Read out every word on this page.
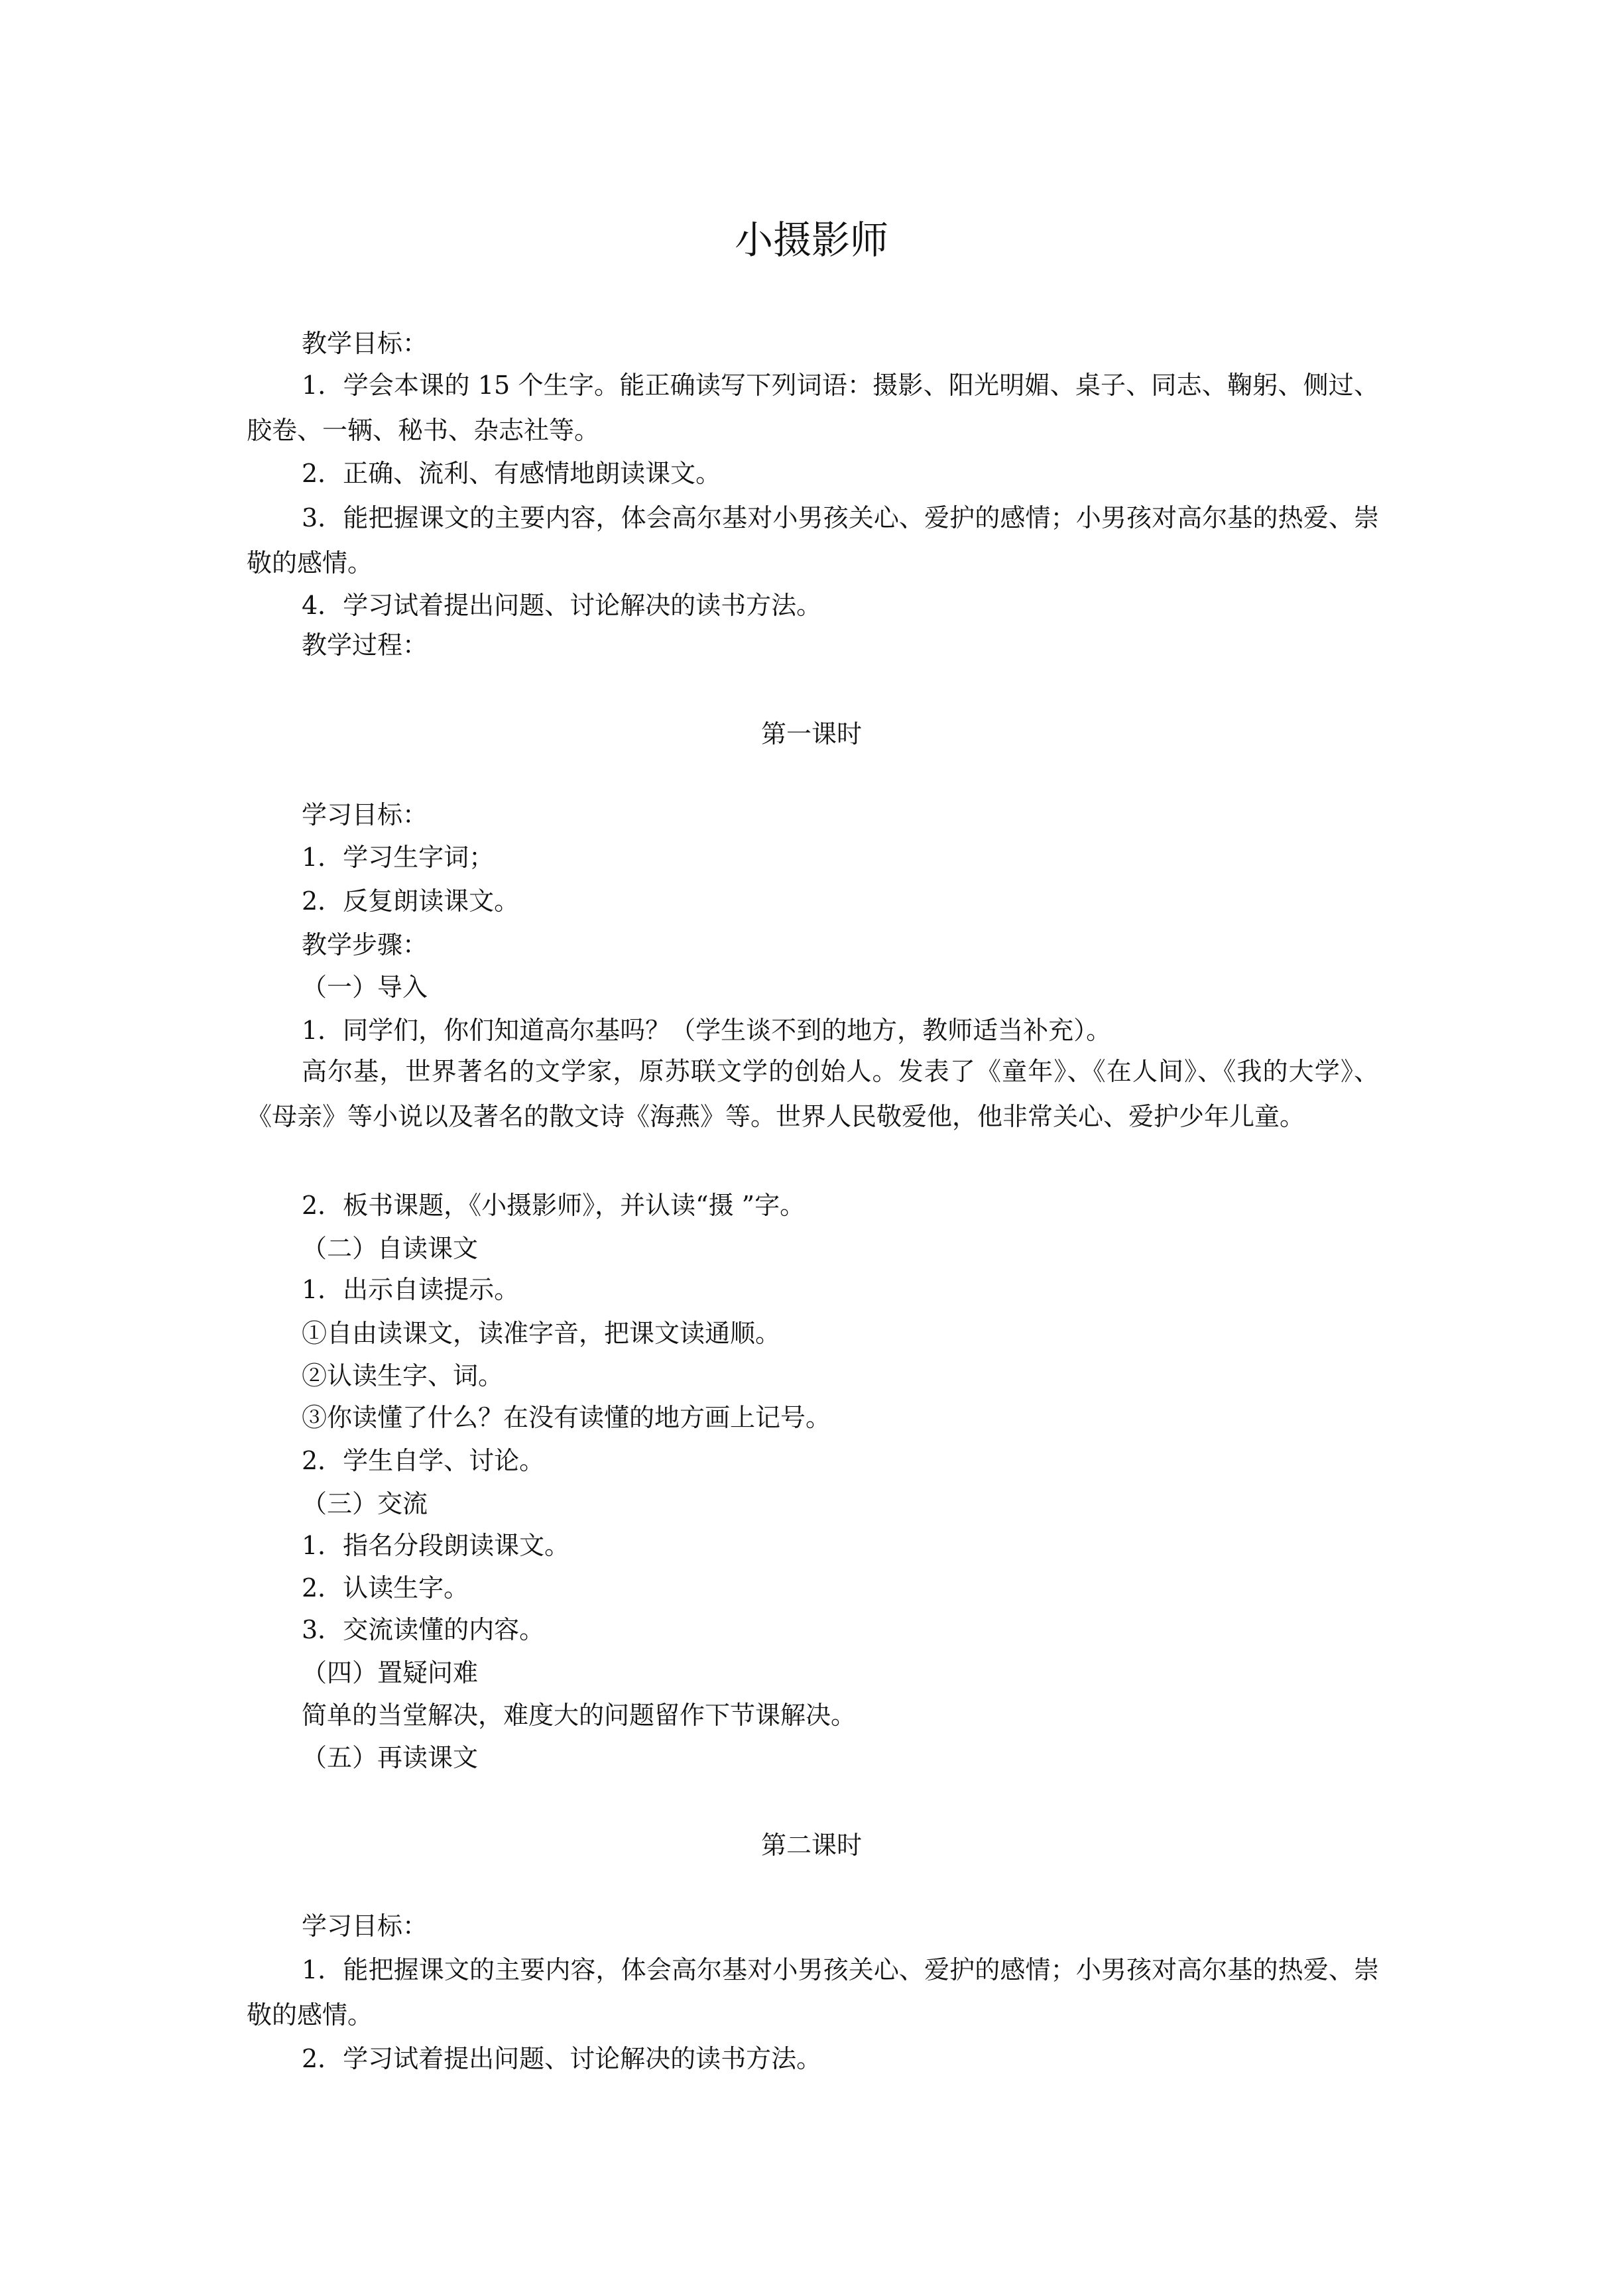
小摄影师
教学目标：
1．学会本课的 15 个生字。能正确读写下列词语：摄影、阳光明媚、桌子、同志、鞠躬、侧过、胶卷、一辆、秘书、杂志社等。
2．正确、流利、有感情地朗读课文。
3．能把握课文的主要内容，体会高尔基对小男孩关心、爱护的感情；小男孩对高尔基的热爱、崇敬的感情。
4．学习试着提出问题、讨论解决的读书方法。
教学过程：
第一课时
学习目标：
1．学习生字词；
2．反复朗读课文。
教学步骤：
（一）导入
1．同学们，你们知道高尔基吗？（学生谈不到的地方，教师适当补充）。
高尔基，世界著名的文学家，原苏联文学的创始人。发表了《童年》、《在人间》、《我的大学》、《母亲》等小说以及著名的散文诗《海燕》等。世界人民敬爱他，他非常关心、爱护少年儿童。
2．板书课题，《小摄影师》，并认读“摄 ”字。
（二）自读课文
1．出示自读提示。
①自由读课文，读准字音，把课文读通顺。
②认读生字、词。
③你读懂了什么？在没有读懂的地方画上记号。
2．学生自学、讨论。
（三）交流
1．指名分段朗读课文。
2．认读生字。
3．交流读懂的内容。
（四）置疑问难
简单的当堂解决，难度大的问题留作下节课解决。
（五）再读课文
第二课时
学习目标：
1．能把握课文的主要内容，体会高尔基对小男孩关心、爱护的感情；小男孩对高尔基的热爱、崇敬的感情。
2．学习试着提出问题、讨论解决的读书方法。
